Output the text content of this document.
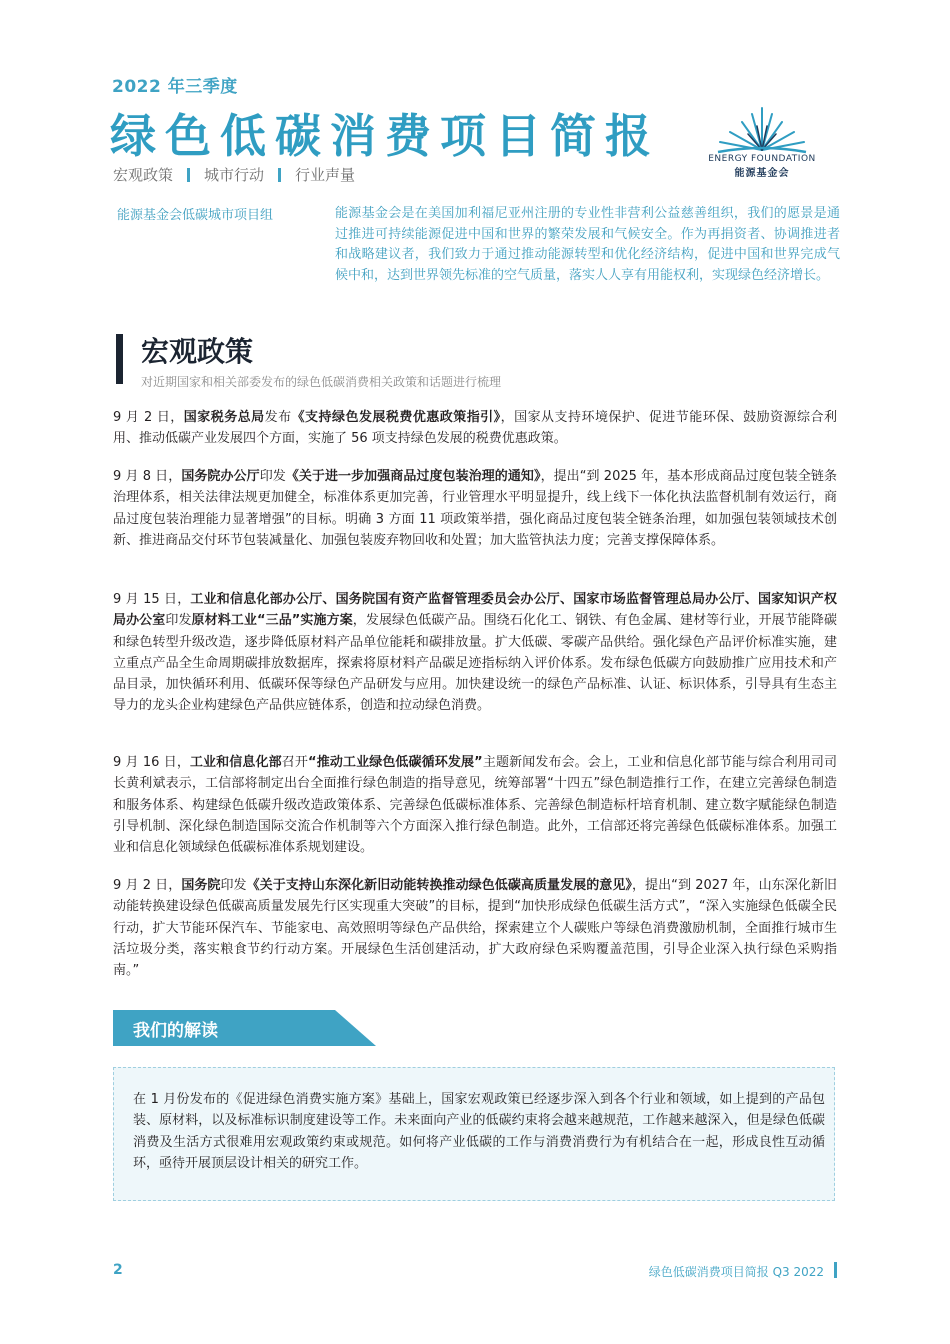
2022 年三季度
绿色低碳消费项目简报
宏观政策 城市行动 行业声量
ENERGY FOUNDATION
能源基金会
能源基金会低碳城市项目组	能源基金会是在美国加利福尼亚州注册的专业性非营利公益慈善组织，我们的愿景是通过推进可持续能源促进中国和世界的繁荣发展和气候安全。作为再捐资者、协调推进者和战略建议者，我们致力于通过推动能源转型和优化经济结构，促进中国和世界完成气候中和，达到世界领先标准的空气质量，落实人人享有用能权利，实现绿色经济增长。
宏观政策
对近期国家和相关部委发布的绿色低碳消费相关政策和话题进行梳理
9 月 2 日，国家税务总局发布《支持绿色发展税费优惠政策指引》，国家从支持环境保护、促进节能环保、鼓励资源综合利用、推动低碳产业发展四个方面，实施了 56 项支持绿色发展的税费优惠政策。
9 月 8 日，国务院办公厅印发《关于进一步加强商品过度包装治理的通知》，提出“到 2025 年，基本形成商品过度包装全链条治理体系，相关法律法规更加健全，标准体系更加完善，行业管理水平明显提升，线上线下一体化执法监督机制有效运行，商品过度包装治理能力显著增强”的目标。明确 3 方面 11 项政策举措，强化商品过度包装全链条治理，如加强包装领域技术创新、推进商品交付环节包装减量化、加强包装废弃物回收和处置；加大监管执法力度；完善支撑保障体系。
9 月 15 日，工业和信息化部办公厅、国务院国有资产监督管理委员会办公厅、国家市场监督管理总局办公厅、国家知识产权局办公室印发原材料工业“三品”实施方案，发展绿色低碳产品。围绕石化化工、钢铁、有色金属、建材等行业，开展节能降碳和绿色转型升级改造，逐步降低原材料产品单位能耗和碳排放量。扩大低碳、零碳产品供给。强化绿色产品评价标准实施，建立重点产品全生命周期碳排放数据库，探索将原材料产品碳足迹指标纳入评价体系。发布绿色低碳方向鼓励推广应用技术和产品目录，加快循环利用、低碳环保等绿色产品研发与应用。加快建设统一的绿色产品标准、认证、标识体系，引导具有生态主导力的龙头企业构建绿色产品供应链体系，创造和拉动绿色消费。
9 月 16 日，工业和信息化部召开“推动工业绿色低碳循环发展”主题新闻发布会。会上，工业和信息化部节能与综合利用司司长黄利斌表示，工信部将制定出台全面推行绿色制造的指导意见，统筹部署“十四五”绿色制造推行工作，在建立完善绿色制造和服务体系、构建绿色低碳升级改造政策体系、完善绿色低碳标准体系、完善绿色制造标杆培育机制、建立数字赋能绿色制造引导机制、深化绿色制造国际交流合作机制等六个方面深入推行绿色制造。此外，工信部还将完善绿色低碳标准体系。加强工业和信息化领域绿色低碳标准体系规划建设。
9 月 2 日，国务院印发《关于支持山东深化新旧动能转换推动绿色低碳高质量发展的意见》，提出“到 2027 年，山东深化新旧动能转换建设绿色低碳高质量发展先行区实现重大突破”的目标，提到“加快形成绿色低碳生活方式”，“深入实施绿色低碳全民行动，扩大节能环保汽车、节能家电、高效照明等绿色产品供给，探索建立个人碳账户等绿色消费激励机制，全面推行城市生活垃圾分类，落实粮食节约行动方案。开展绿色生活创建活动，扩大政府绿色采购覆盖范围，引导企业深入执行绿色采购指南。”
我们的解读
在 1 月份发布的《促进绿色消费实施方案》基础上，国家宏观政策已经逐步深入到各个行业和领域，如上提到的产品包装、原材料，以及标准标识制度建设等工作。未来面向产业的低碳约束将会越来越规范，工作越来越深入，但是绿色低碳消费及生活方式很难用宏观政策约束或规范。如何将产业低碳的工作与消费消费行为有机结合在一起，形成良性互动循环，亟待开展顶层设计相关的研究工作。
2	绿色低碳消费项目简报 Q3 2022
